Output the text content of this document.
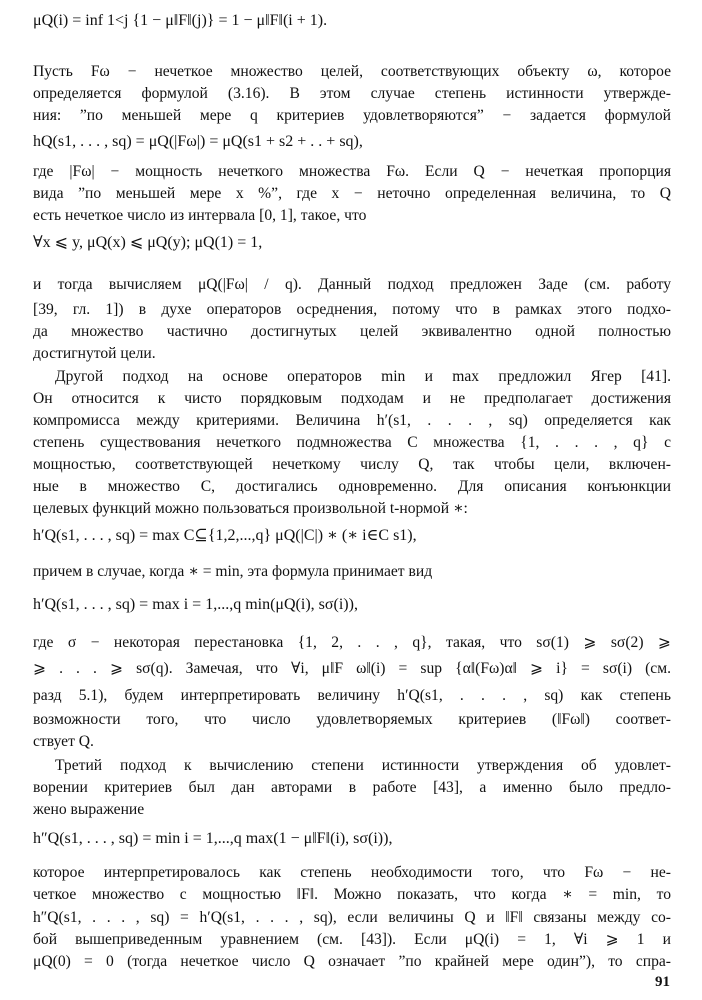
μQ(i) = inf 1<j {1 − μ‖F‖(j)} = 1 − μ‖F‖(i + 1).
Пусть Fω − нечеткое множество целей, соответствующих объекту ω, которое
определяется формулой (3.16). В этом случае степень истинности утвержде-
ния: ”по меньшей мере q критериев удовлетворяются” − задается формулой
hQ(s1, . . . , sq) = μQ(|Fω|) = μQ(s1 + s2 + . . + sq),
где |Fω| − мощность нечеткого множества Fω. Если Q − нечеткая пропорция
вида ”по меньшей мере x %”, где x − неточно определенная величина, то Q
есть нечеткое число из интервала [0, 1], такое, что
∀x ⩽ y, μQ(x) ⩽ μQ(y); μQ(1) = 1,
и тогда вычисляем μQ(|Fω| / q). Данный подход предложен Заде (см. работу
[39, гл. 1]) в духе операторов осреднения, потому что в рамках этого подхо-
да множество частично достигнутых целей эквивалентно одной полностью
достигнутой цели.
Другой подход на основе операторов min и max предложил Ягер [41].
Он относится к чисто порядковым подходам и не предполагает достижения
компромисса между критериями. Величина h′(s1, . . . , sq) определяется как
степень существования нечеткого подмножества C множества {1, . . . , q} с
мощностью, соответствующей нечеткому числу Q, так чтобы цели, включен-
ные в множество C, достигались одновременно. Для описания конъюнкции
целевых функций можно пользоваться произвольной t-нормой ∗:
h′Q(s1, . . . , sq) = max C⊆{1,2,...,q} μQ(|C|) ∗ (∗ i∈C s1),
причем в случае, когда ∗ = min, эта формула принимает вид
h′Q(s1, . . . , sq) = max i = 1,...,q min(μQ(i), sσ(i)),
где σ − некоторая перестановка {1, 2, . . , q}, такая, что sσ(1) ⩾ sσ(2) ⩾
⩾ . . . ⩾ sσ(q). Замечая, что ∀i, μ‖F ω‖(i) = sup {α‖(Fω)α‖ ⩾ i} = sσ(i) (см.
разд 5.1), будем интерпретировать величину h′Q(s1, . . . , sq) как степень
возможности того, что число удовлетворяемых критериев (‖Fω‖) соответ-
ствует Q.
Третий подход к вычислению степени истинности утверждения об удовлет-
ворении критериев был дан авторами в работе [43], а именно было предло-
жено выражение
h″Q(s1, . . . , sq) = min i = 1,...,q max(1 − μ‖F‖(i), sσ(i)),
которое интерпретировалось как степень необходимости того, что Fω − не-
четкое множество с мощностью ‖F‖. Можно показать, что когда ∗ = min, то
h″Q(s1, . . . , sq) = h′Q(s1, . . . , sq), если величины Q и ‖F‖ связаны между со-
бой вышеприведенным уравнением (см. [43]). Если μQ(i) = 1, ∀i ⩾ 1 и
μQ(0) = 0 (тогда нечеткое число Q означает ”по крайней мере один”), то спра-
91
